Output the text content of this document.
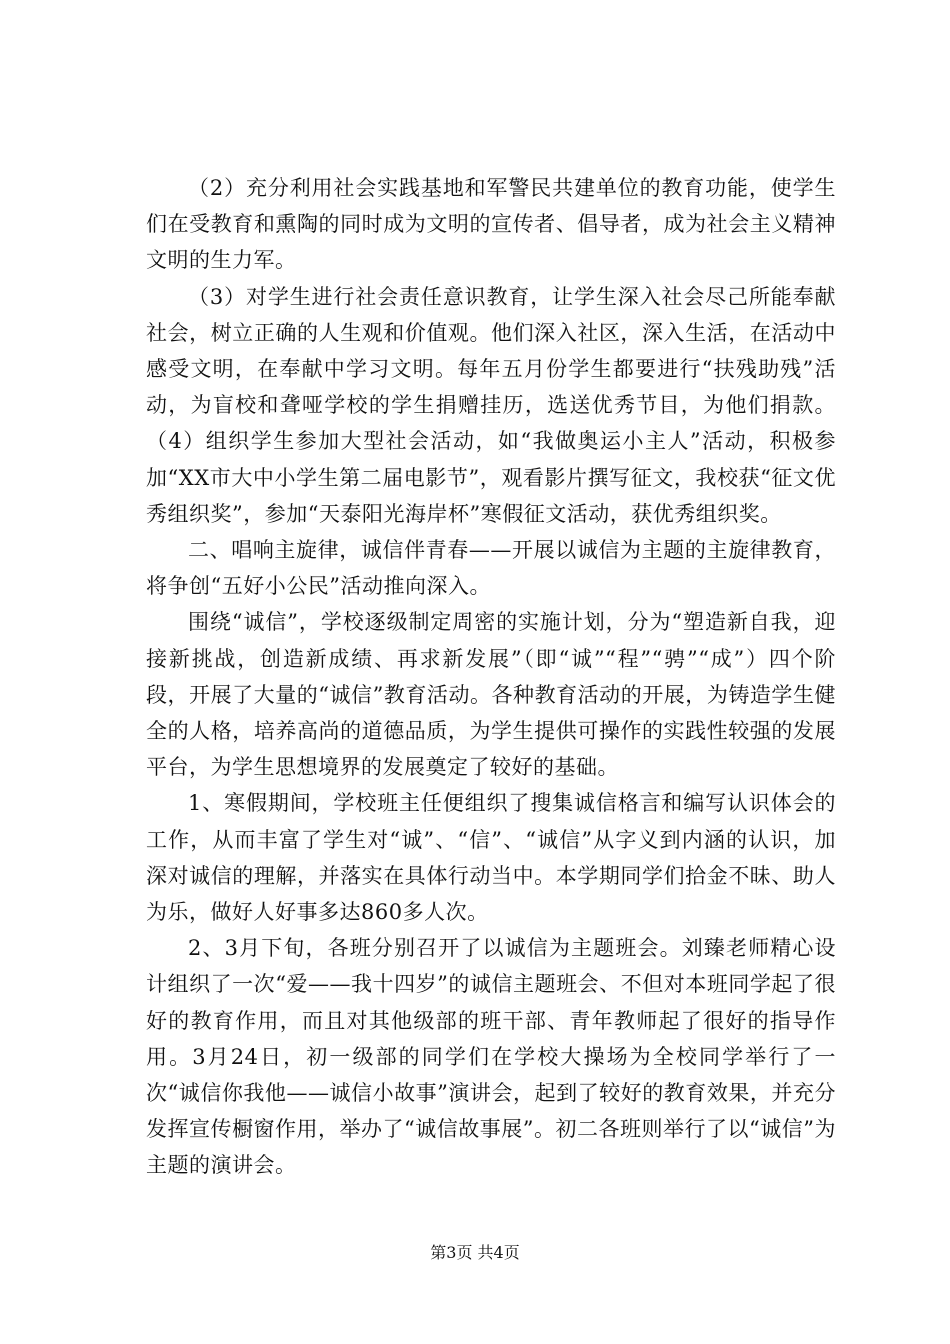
（2）充分利用社会实践基地和军警民共建单位的教育功能，使学生们在受教育和熏陶的同时成为文明的宣传者、倡导者，成为社会主义精神文明的生力军。

（3）对学生进行社会责任意识教育，让学生深入社会尽己所能奉献社会，树立正确的人生观和价值观。他们深入社区，深入生活，在活动中感受文明，在奉献中学习文明。每年五月份学生都要进行“扶残助残”活动，为盲校和聋哑学校的学生捐赠挂历，选送优秀节目，为他们捐款。（4）组织学生参加大型社会活动，如“我做奥运小主人”活动，积极参加“XX市大中小学生第二届电影节”，观看影片撰写征文，我校获“征文优秀组织奖”，参加“天泰阳光海岸杯”寒假征文活动，获优秀组织奖。

二、唱响主旋律，诚信伴青春——开展以诚信为主题的主旋律教育，将争创“五好小公民”活动推向深入。

围绕“诚信”，学校逐级制定周密的实施计划，分为“塑造新自我，迎接新挑战，创造新成绩、再求新发展”（即“诚”“程”“骋”“成”）四个阶段，开展了大量的“诚信”教育活动。各种教育活动的开展，为铸造学生健全的人格，培养高尚的道德品质，为学生提供可操作的实践性较强的发展平台，为学生思想境界的发展奠定了较好的基础。

1、寒假期间，学校班主任便组织了搜集诚信格言和编写认识体会的工作，从而丰富了学生对“诚”、“信”、“诚信”从字义到内涵的认识，加深对诚信的理解，并落实在具体行动当中。本学期同学们拾金不昧、助人为乐，做好人好事多达860多人次。

2、3月下旬，各班分别召开了以诚信为主题班会。刘臻老师精心设计组织了一次“爱——我十四岁”的诚信主题班会、不但对本班同学起了很好的教育作用，而且对其他级部的班干部、青年教师起了很好的指导作用。3月24日，初一级部的同学们在学校大操场为全校同学举行了一次“诚信你我他——诚信小故事”演讲会，起到了较好的教育效果，并充分发挥宣传橱窗作用，举办了“诚信故事展”。初二各班则举行了以“诚信”为主题的演讲会。

第3页 共4页
